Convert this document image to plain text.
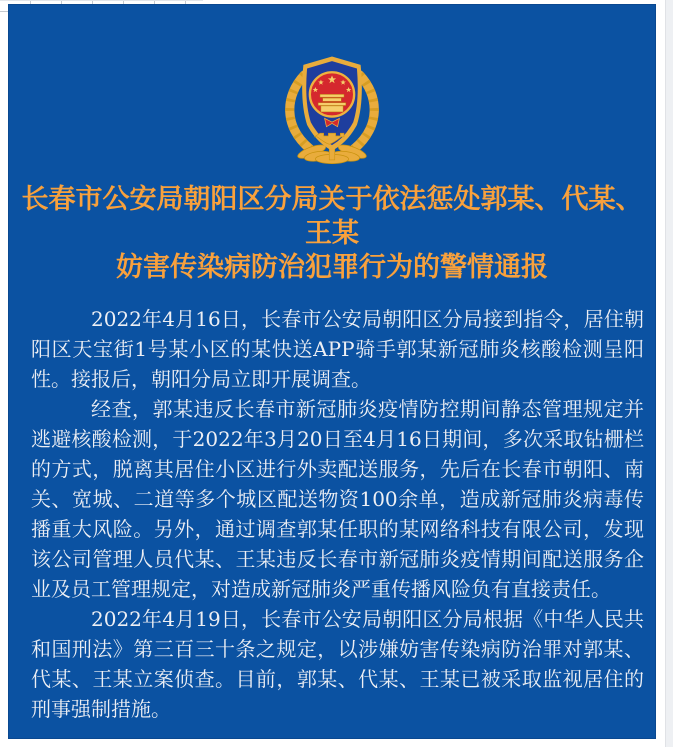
长春市公安局朝阳区分局关于依法惩处郭某、代某、王某
妨害传染病防治犯罪行为的警情通报

2022年4月16日，长春市公安局朝阳区分局接到指令，居住朝阳区天宝街1号某小区的某快送APP骑手郭某新冠肺炎核酸检测呈阳性。接报后，朝阳分局立即开展调查。

经查，郭某违反长春市新冠肺炎疫情防控期间静态管理规定并逃避核酸检测，于2022年3月20日至4月16日期间，多次采取钻栅栏的方式，脱离其居住小区进行外卖配送服务，先后在长春市朝阳、南关、宽城、二道等多个城区配送物资100余单，造成新冠肺炎病毒传播重大风险。另外，通过调查郭某任职的某网络科技有限公司，发现该公司管理人员代某、王某违反长春市新冠肺炎疫情期间配送服务企业及员工管理规定，对造成新冠肺炎严重传播风险负有直接责任。

2022年4月19日，长春市公安局朝阳区分局根据《中华人民共和国刑法》第三百三十条之规定，以涉嫌妨害传染病防治罪对郭某、代某、王某立案侦查。目前，郭某、代某、王某已被采取监视居住的刑事强制措施。
